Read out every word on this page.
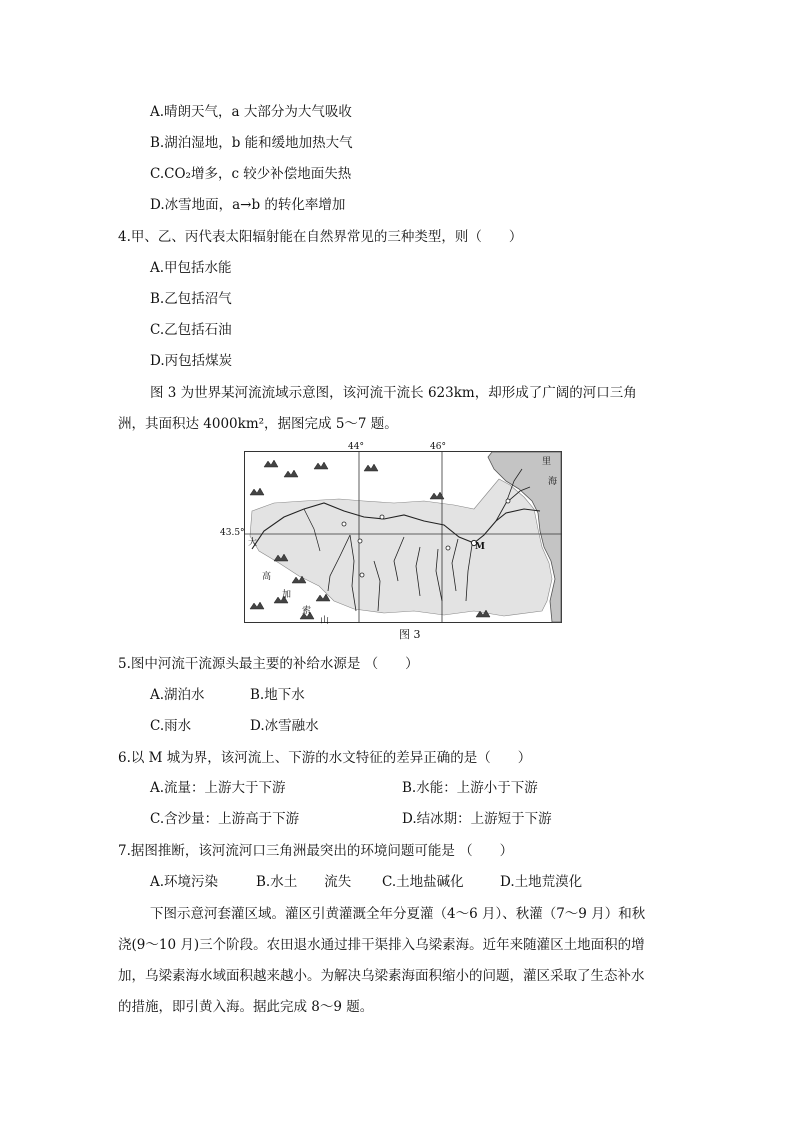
A.晴朗天气，a 大部分为大气吸收
B.湖泊湿地，b 能和缓地加热大气
C.CO₂增多，c 较少补偿地面失热
D.冰雪地面，a→b 的转化率增加
4.甲、乙、丙代表太阳辐射能在自然界常见的三种类型，则（　　）
A.甲包括水能
B.乙包括沼气
C.乙包括石油
D.丙包括煤炭
图 3 为世界某河流流域示意图，该河流干流长 623km，却形成了广阔的河口三角
洲，其面积达 4000km²，据图完成 5～7 题。
44°	46°
43.5°
里
海
M
大
高
加
索
山
图 3
5.图中河流干流源头最主要的补给水源是 （　　）
A.湖泊水	B.地下水
C.雨水	D.冰雪融水
6.以 M 城为界，该河流上、下游的水文特征的差异正确的是（　　）
A.流量：上游大于下游	B.水能：上游小于下游
C.含沙量：上游高于下游	D.结冰期：上游短于下游
7.据图推断，该河流河口三角洲最突出的环境问题可能是 （　　）
A.环境污染	B.水土　　流失 C.土地盐碱化	D.土地荒漠化
下图示意河套灌区域。灌区引黄灌溉全年分夏灌（4～6 月）、秋灌（7～9 月）和秋
浇(9～10 月)三个阶段。农田退水通过排干渠排入乌梁素海。近年来随灌区土地面积的增
加，乌梁素海水域面积越来越小。为解决乌梁素海面积缩小的问题，灌区采取了生态补水
的措施，即引黄入海。据此完成 8～9 题。
